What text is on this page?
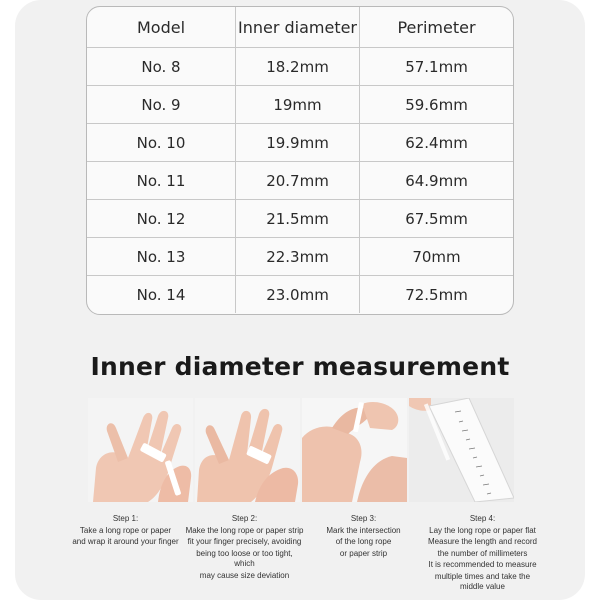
Model	Inner diameter	Perimeter
No. 8	18.2mm	57.1mm
No. 9	19mm	59.6mm
No. 10	19.9mm	62.4mm
No. 11	20.7mm	64.9mm
No. 12	21.5mm	67.5mm
No. 13	22.3mm	70mm
No. 14	23.0mm	72.5mm
Inner diameter measurement
Step 1:
Take a long rope or paper
and wrap it around your finger
Step 2:
Make the long rope or paper strip
fit your finger precisely, avoiding
being too loose or too tight, which
may cause size deviation
Step 3:
Mark the intersection
of the long rope
or paper strip
Step 4:
Lay the long rope or paper flat
Measure the length and record
the number of millimeters
It is recommended to measure
multiple times and take the middle value
